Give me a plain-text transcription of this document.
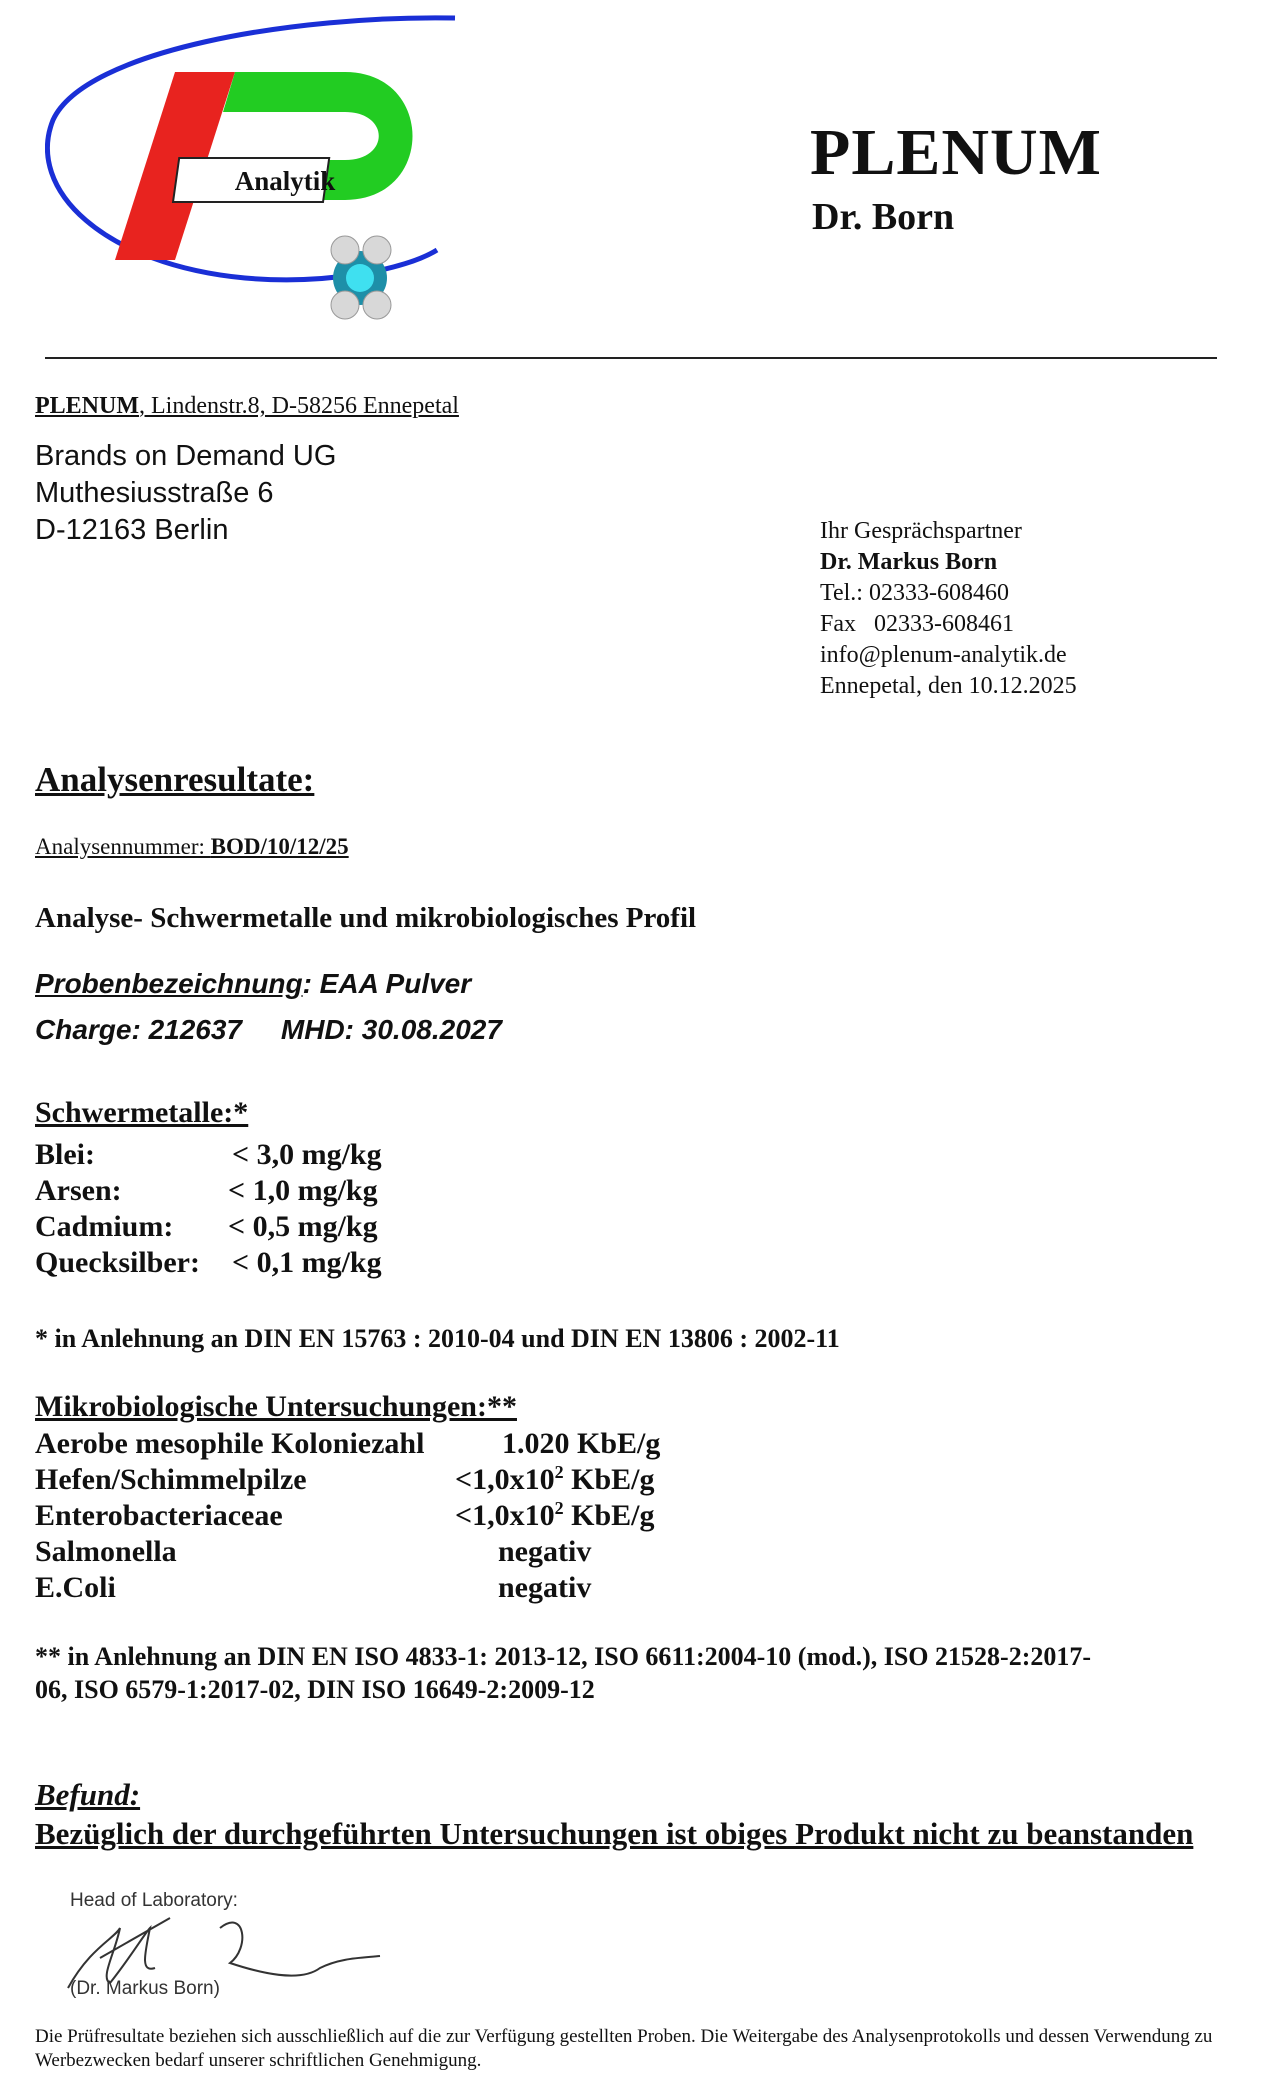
Analytik	PLENUM
Dr. Born
PLENUM, Lindenstr.8, D-58256 Ennepetal
Brands on Demand UG
Muthesiusstraße 6
D-12163 Berlin	Ihr Gesprächspartner
Dr. Markus Born
Tel.: 02333-608460
Fax   02333-608461
info@plenum-analytik.de
Ennepetal, den 10.12.2025
Analysenresultate:
Analysennummer: BOD/10/12/25
Analyse- Schwermetalle und mikrobiologisches Profil
Probenbezeichnung: EAA Pulver
Charge: 212637     MHD: 30.08.2027
Schwermetalle:*
Blei:	< 3,0 mg/kg
Arsen:	< 1,0 mg/kg
Cadmium: < 0,5 mg/kg
Quecksilber: < 0,1 mg/kg
* in Anlehnung an DIN EN 15763 : 2010-04 und DIN EN 13806 : 2002-11
Mikrobiologische Untersuchungen:**
Aerobe mesophile Koloniezahl	1.020 KbE/g
Hefen/Schimmelpilze	$<1,0x10^2$ KbE/g
Enterobacteriaceae	$<1,0x10^2$ KbE/g
Salmonella	negativ
E.Coli	negativ
** in Anlehnung an DIN EN ISO 4833-1: 2013-12, ISO 6611:2004-10 (mod.), ISO 21528-2:2017-
06, ISO 6579-1:2017-02, DIN ISO 16649-2:2009-12
Befund:
Bezüglich der durchgeführten Untersuchungen ist obiges Produkt nicht zu beanstanden
Head of Laboratory:
(Dr. Markus Born)
Die Prüfresultate beziehen sich ausschließlich auf die zur Verfügung gestellten Proben. Die Weitergabe des Analysenprotokolls und dessen Verwendung zu Werbezwecken bedarf unserer schriftlichen Genehmigung.
